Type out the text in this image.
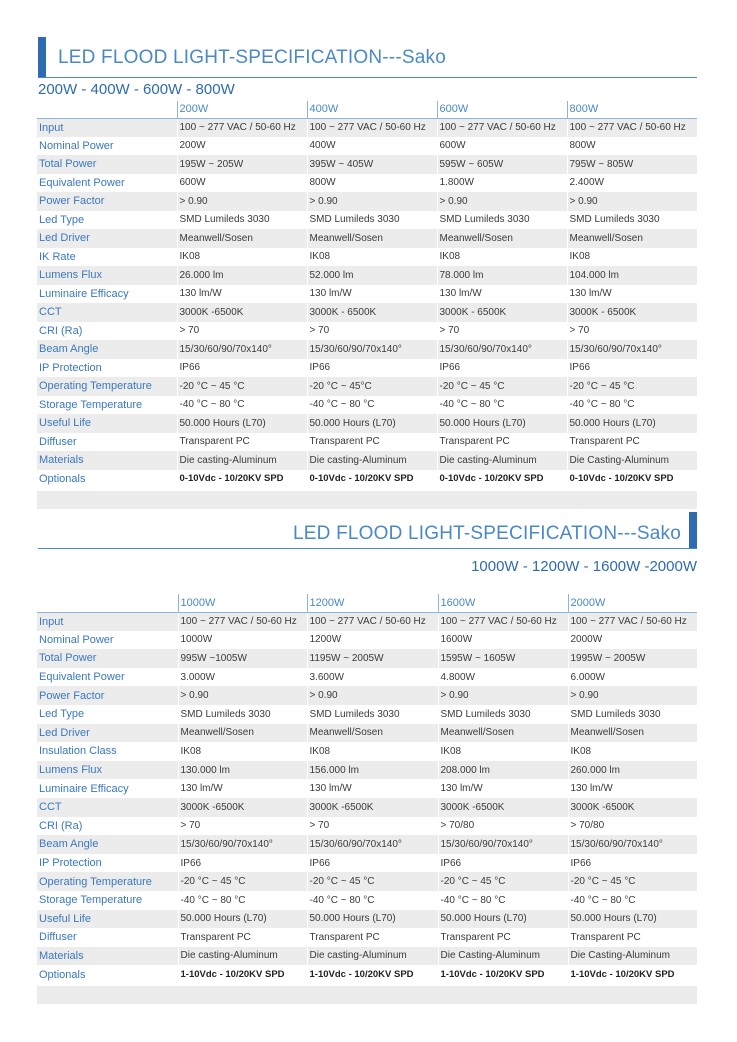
LED FLOOD LIGHT-SPECIFICATION---Sako
200W - 400W - 600W - 800W
	200W	400W	600W	800W
Input	100 ~ 277 VAC / 50-60 Hz	100 ~ 277 VAC / 50-60 Hz	100 ~ 277 VAC / 50-60 Hz	100 ~ 277 VAC / 50-60 Hz
Nominal Power	200W	400W	600W	800W
Total Power	195W ~ 205W	395W ~ 405W	595W ~ 605W	795W ~ 805W
Equivalent Power	600W	800W	1.800W	2.400W
Power Factor	> 0.90	> 0.90	> 0.90	> 0.90
Led Type	SMD Lumileds 3030	SMD Lumileds 3030	SMD Lumileds 3030	SMD Lumileds 3030
Led Driver	Meanwell/Sosen	Meanwell/Sosen	Meanwell/Sosen	Meanwell/Sosen
IK Rate	IK08	IK08	IK08	IK08
Lumens Flux	26.000 lm	52.000 lm	78.000 lm	104.000 lm
Luminaire Efficacy	130 lm/W	130 lm/W	130 lm/W	130 lm/W
CCT	3000K -6500K	3000K - 6500K	3000K - 6500K	3000K - 6500K
CRI (Ra)	> 70	> 70	> 70	> 70
Beam Angle	15/30/60/90/70x140°	15/30/60/90/70x140°	15/30/60/90/70x140°	15/30/60/90/70x140°
IP Protection	IP66	IP66	IP66	IP66
Operating Temperature	-20 °C ~ 45 °C	-20 °C ~ 45°C	-20 °C ~ 45 °C	-20 °C ~ 45 °C
Storage Temperature	-40 °C ~ 80 °C	-40 °C ~ 80 °C	-40 °C ~ 80 °C	-40 °C ~ 80 °C
Useful Life	50.000 Hours (L70)	50.000 Hours (L70)	50.000 Hours (L70)	50.000 Hours (L70)
Diffuser	Transparent PC	Transparent PC	Transparent PC	Transparent PC
Materials	Die casting-Aluminum	Die casting-Aluminum	Die casting-Aluminum	Die Casting-Aluminum
Optionals	0-10Vdc - 10/20KV SPD	0-10Vdc - 10/20KV SPD	0-10Vdc - 10/20KV SPD	0-10Vdc - 10/20KV SPD
LED FLOOD LIGHT-SPECIFICATION---Sako
1000W - 1200W - 1600W -2000W
	1000W	1200W	1600W	2000W
Input	100 ~ 277 VAC / 50-60 Hz	100 ~ 277 VAC / 50-60 Hz	100 ~ 277 VAC / 50-60 Hz	100 ~ 277 VAC / 50-60 Hz
Nominal Power	1000W	1200W	1600W	2000W
Total Power	995W ~1005W	1195W ~ 2005W	1595W ~ 1605W	1995W ~ 2005W
Equivalent Power	3.000W	3.600W	4.800W	6.000W
Power Factor	> 0.90	> 0.90	> 0.90	> 0.90
Led Type	SMD Lumileds 3030	SMD Lumileds 3030	SMD Lumileds 3030	SMD Lumileds 3030
Led Driver	Meanwell/Sosen	Meanwell/Sosen	Meanwell/Sosen	Meanwell/Sosen
Insulation Class	IK08	IK08	IK08	IK08
Lumens Flux	130.000 lm	156.000 lm	208.000 lm	260.000 lm
Luminaire Efficacy	130 lm/W	130 lm/W	130 lm/W	130 lm/W
CCT	3000K -6500K	3000K -6500K	3000K -6500K	3000K -6500K
CRI (Ra)	> 70	> 70	> 70/80	> 70/80
Beam Angle	15/30/60/90/70x140°	15/30/60/90/70x140°	15/30/60/90/70x140°	15/30/60/90/70x140°
IP Protection	IP66	IP66	IP66	IP66
Operating Temperature	-20 °C ~ 45 °C	-20 °C ~ 45 °C	-20 °C ~ 45 °C	-20 °C ~ 45 °C
Storage Temperature	-40 °C ~ 80 °C	-40 °C ~ 80 °C	-40 °C ~ 80 °C	-40 °C ~ 80 °C
Useful Life	50.000 Hours (L70)	50.000 Hours (L70)	50.000 Hours (L70)	50.000 Hours (L70)
Diffuser	Transparent PC	Transparent PC	Transparent PC	Transparent PC
Materials	Die casting-Aluminum	Die casting-Aluminum	Die Casting-Aluminum	Die Casting-Aluminum
Optionals	1-10Vdc - 10/20KV SPD	1-10Vdc - 10/20KV SPD	1-10Vdc - 10/20KV SPD	1-10Vdc - 10/20KV SPD
